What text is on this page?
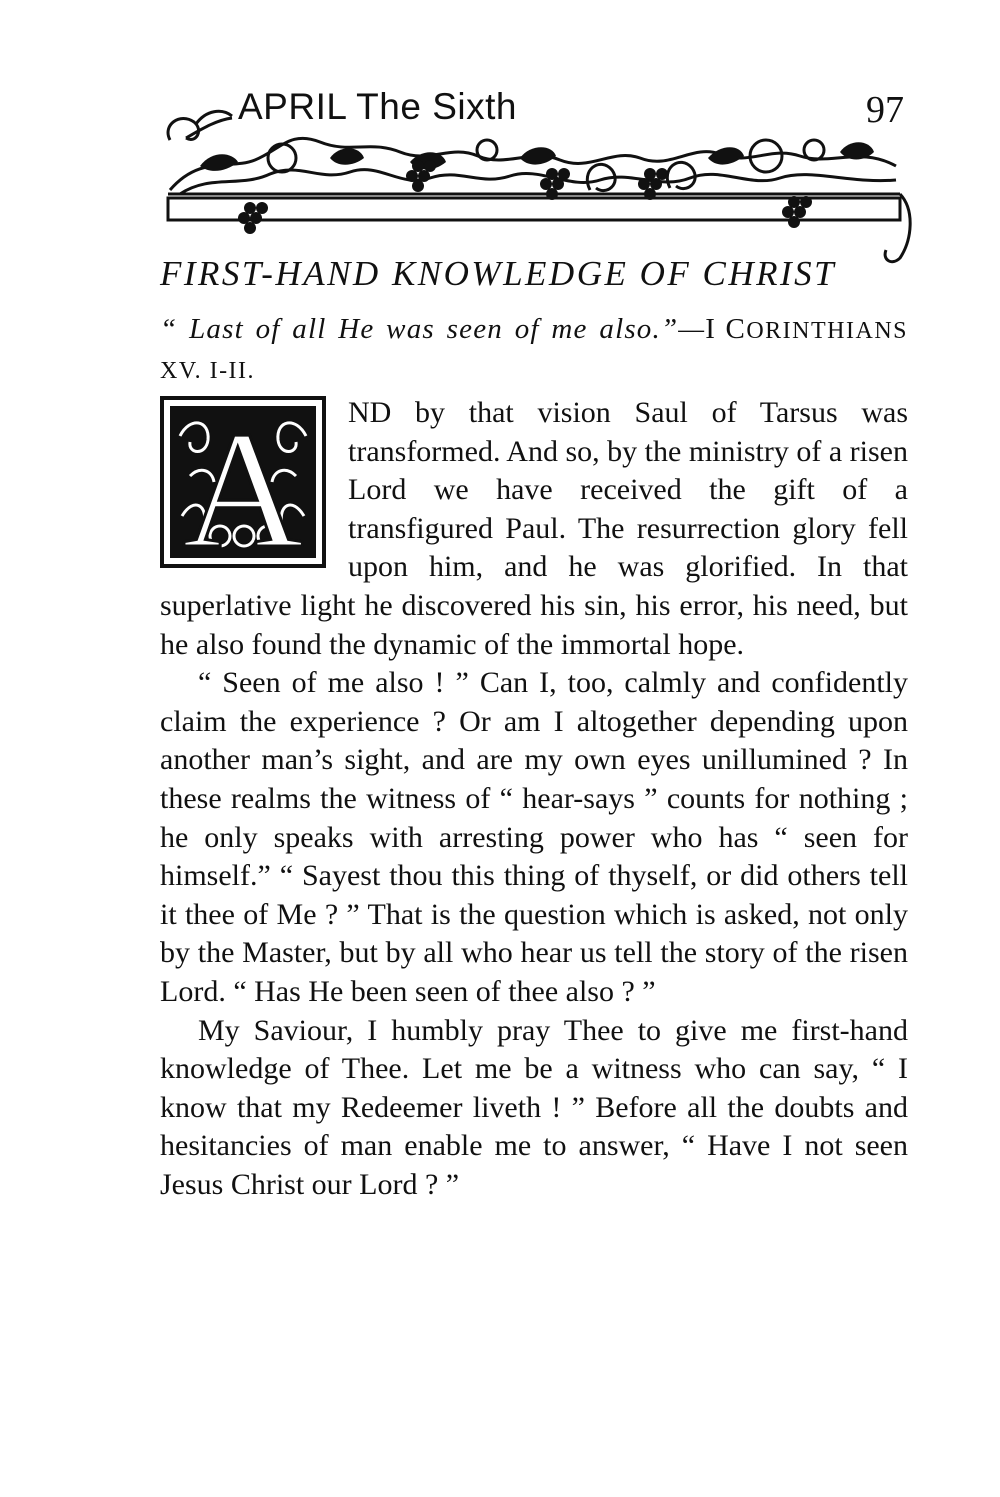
APRIL The Sixth	97
FIRST-HAND KNOWLEDGE OF CHRIST
“ Last of all He was seen of me also.”—I CORINTHIANS XV. I-II.
A	ND by that vision Saul of Tarsus was transformed. And so, by the ministry of a risen Lord we have received the gift of a transfigured Paul. The resurrection glory fell upon him, and he was glorified. In that superlative light he discovered his sin, his error, his need, but he also found the dynamic of the immortal hope.

“ Seen of me also ! ” Can I, too, calmly and confidently claim the experience ? Or am I altogether depending upon another man’s sight, and are my own eyes unillumined ? In these realms the witness of “ hear-says ” counts for nothing ; he only speaks with arresting power who has “ seen for himself.” “ Sayest thou this thing of thyself, or did others tell it thee of Me ? ” That is the question which is asked, not only by the Master, but by all who hear us tell the story of the risen Lord. “ Has He been seen of thee also ? ”

My Saviour, I humbly pray Thee to give me first-hand knowledge of Thee. Let me be a witness who can say, “ I know that my Redeemer liveth ! ” Before all the doubts and hesitancies of man enable me to answer, “ Have I not seen Jesus Christ our Lord ? ”
